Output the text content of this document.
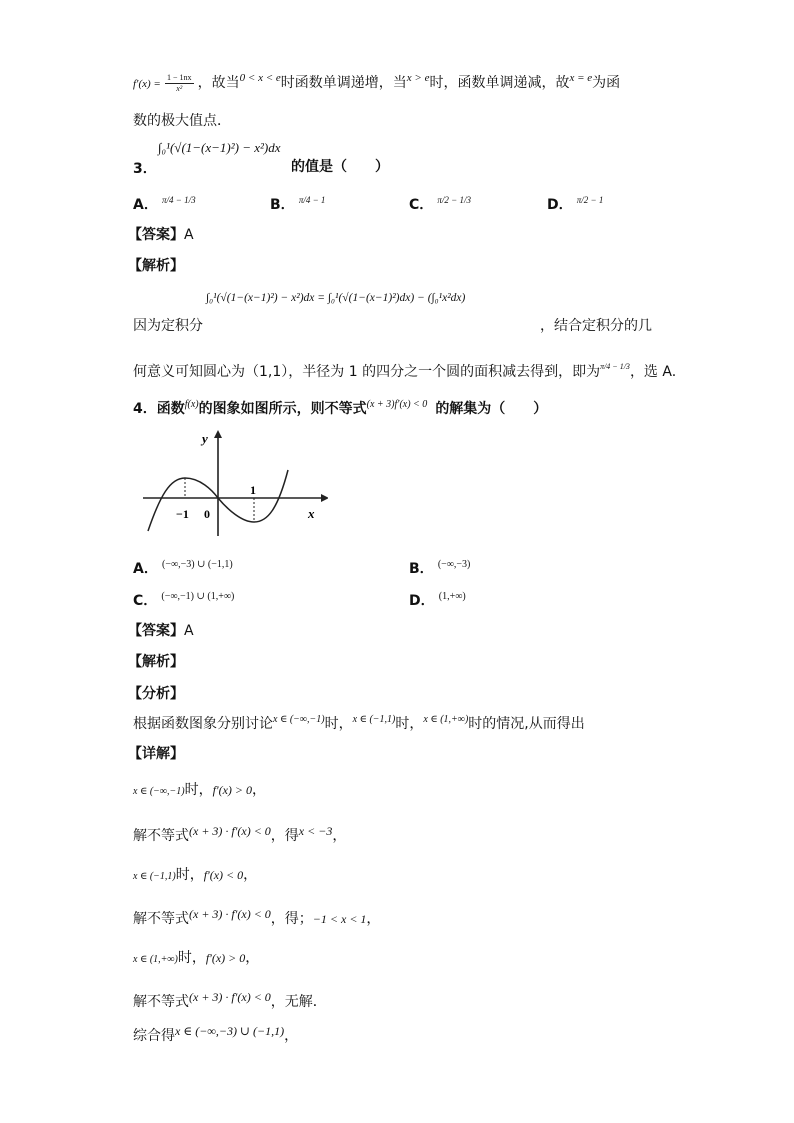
$f'(x) = \frac{1 - 1nx}{\text{x²}}$ ，故当$^{0 < x < e}$时函数单调递增，当$^{x > e}$时，函数单调递减，故$^{x = e}$为函
数的极大值点．
∫₀¹(√(1−(x−1)²) − x²)dx
3．	的值是（　　）
A． $^{\pi/4 - 1/3}$	B． $^{\pi/4 - 1}$	C． $^{\pi/2 - 1/3}$	D． $^{\pi/2 - 1}$
【答案】A
【解析】
∫₀¹(√(1−(x−1)²) − x²)dx = ∫₀¹(√(1−(x−1)²)dx) − (∫₀¹x²dx)
因为定积分	，结合定积分的几
何意义可知圆心为（1,1），半径为 1 的四分之一个圆的面积减去得到，即为$^{\pi/4 - 1/3}$，选 A.
4．函数$^{f(x)}$的图象如图所示，则不等式$^{(x + 3)f'(x) < 0}$ 的解集为（　　）
y
x
−1 0
1
A． $^{(-\infty,-3) \cup (-1,1)}$	B． $^{(-\infty,-3)}$
C． $^{(-\infty,-1) \cup (1,+\infty)}$	D． $^{(1,+\infty)}$
【答案】A
【解析】
【分析】
根据函数图象分别讨论$^{x \in (-\infty,-1)}$时，$^{x \in (-1,1)}$时，$^{x \in (1,+\infty)}$时的情况,从而得出
【详解】
x ∈ (−∞,−1)时，f′(x) > 0，
解不等式(x + 3) · f′(x) < 0，得x < −3，
x ∈ (−1,1)时，f′(x) < 0，
解不等式(x + 3) · f′(x) < 0，得；−1 < x < 1，
x ∈ (1,+∞)时，f′(x) > 0，
解不等式(x + 3) · f′(x) < 0，无解．
综合得x ∈ (−∞,−3) ∪ (−1,1)，
